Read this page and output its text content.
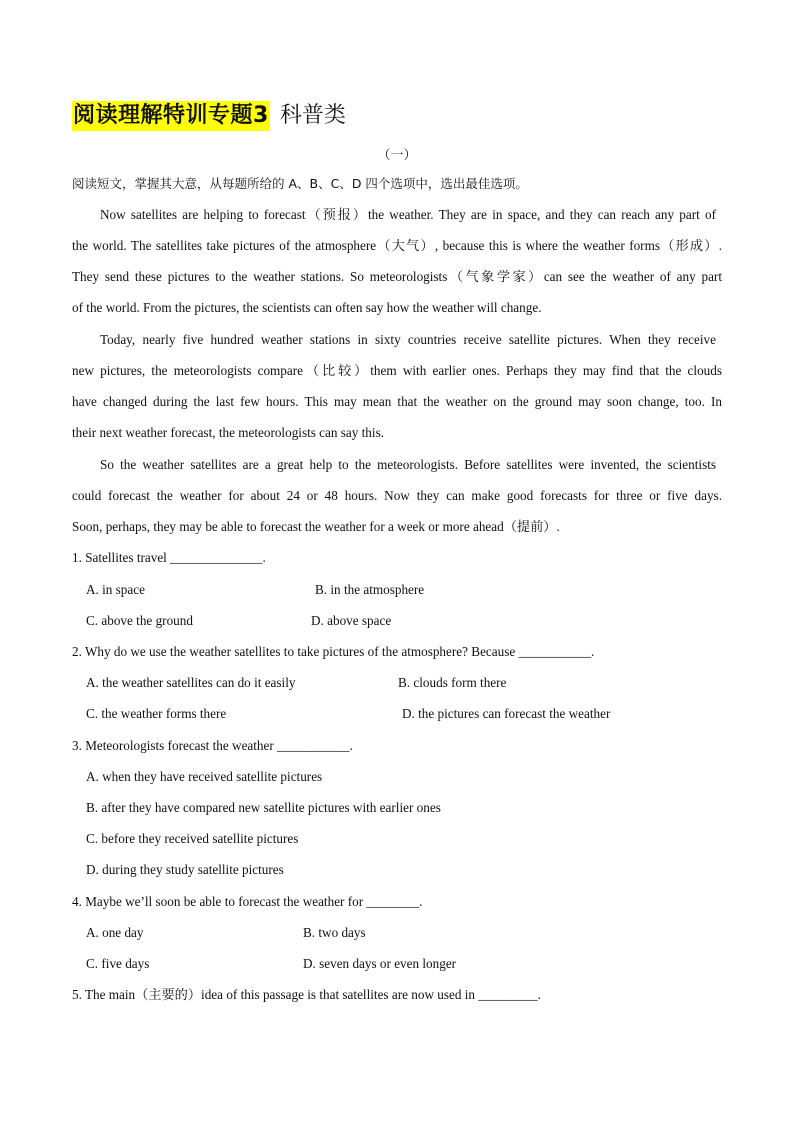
阅读理解特训专题3 科普类
（一）
阅读短文，掌握其大意，从每题所给的 A、B、C、D 四个选项中，选出最佳选项。
Now satellites are helping to forecast（预报）the weather. They are in space, and they can reach any part of
the world. The satellites take pictures of the atmosphere（大气）, because this is where the weather forms（形成）.
They send these pictures to the weather stations. So meteorologists（气象学家）can see the weather of any part
of the world. From the pictures, the scientists can often say how the weather will change.
Today, nearly five hundred weather stations in sixty countries receive satellite pictures. When they receive
new pictures, the meteorologists compare（比较）them with earlier ones. Perhaps they may find that the clouds
have changed during the last few hours. This may mean that the weather on the ground may soon change, too. In
their next weather forecast, the meteorologists can say this.
So the weather satellites are a great help to the meteorologists. Before satellites were invented, the scientists
could forecast the weather for about 24 or 48 hours. Now they can make good forecasts for three or five days.
Soon, perhaps, they may be able to forecast the weather for a week or more ahead（提前）.
1. Satellites travel ______________.
A. in space	B. in the atmosphere
C. above the ground	D. above space
2. Why do we use the weather satellites to take pictures of the atmosphere? Because ___________.
A. the weather satellites can do it easily	B. clouds form there
C. the weather forms there	D. the pictures can forecast the weather
3. Meteorologists forecast the weather ___________.
A. when they have received satellite pictures
B. after they have compared new satellite pictures with earlier ones
C. before they received satellite pictures
D. during they study satellite pictures
4. Maybe we’ll soon be able to forecast the weather for ________.
A. one day	B. two days
C. five days	D. seven days or even longer
5. The main（主要的）idea of this passage is that satellites are now used in _________.
